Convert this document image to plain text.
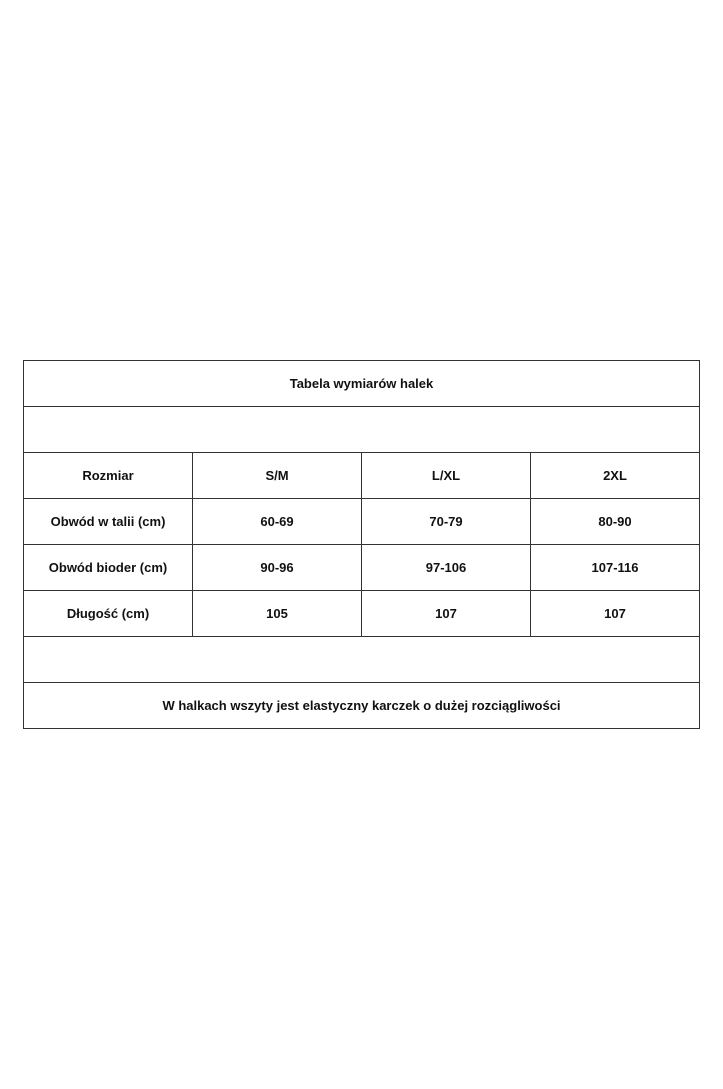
Tabela wymiarów halek			

Rozmiar	S/M	L/XL	2XL
Obwód w talii (cm)	60-69	70-79	80-90
Obwód bioder (cm)	90-96	97-106	107-116
Długość (cm)	105	107	107

W halkach wszyty jest elastyczny karczek o dużej rozciągliwości			
